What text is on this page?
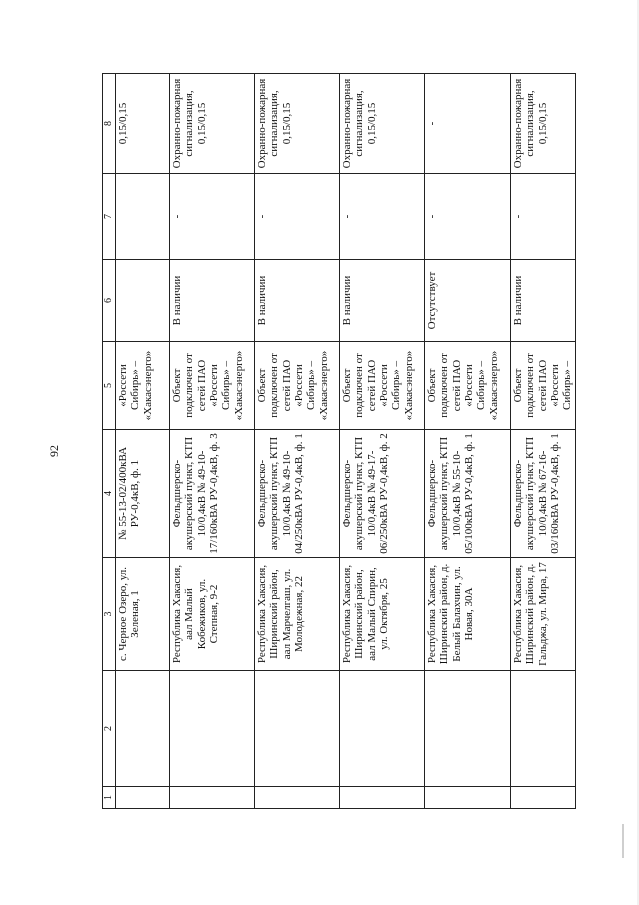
92
1	2	3	4	5	6	7	8
		с. Черное Озеро, ул. Зеленая, 1	№ 55-13-02/400кВА РУ-0,4кВ, ф. 1	«Россети Сибирь» – «Хакасэнерго»			0,15/0,15
		Республика Хакасия, аал Малый Кобежиков, ул. Степная, 9-2	Фельдшерско-акушерский пункт, КТП 10/0,4кВ № 49-10-17/160кВА РУ-0,4кВ, ф. 3	Объект подключен от сетей ПАО «Россети Сибирь» – «Хакасэнерго»	В наличии	-	Охранно-пожарная сигнализация, 0,15/0,15
		Республика Хакасия, Ширинский район, аал Марчелгаш, ул. Молодежная, 22	Фельдшерско-акушерский пункт, КТП 10/0,4кВ № 49-10-04/250кВА РУ-0,4кВ, ф. 1	Объект подключен от сетей ПАО «Россети Сибирь» – «Хакасэнерго»	В наличии	-	Охранно-пожарная сигнализация, 0,15/0,15
		Республика Хакасия, Ширинский район, аал Малый Спирин, ул. Октября, 25	Фельдшерско-акушерский пункт, КТП 10/0,4кВ № 49-17-06/250кВА РУ-0,4кВ, ф. 2	Объект подключен от сетей ПАО «Россети Сибирь» – «Хакасэнерго»	В наличии	-	Охранно-пожарная сигнализация, 0,15/0,15
		Республика Хакасия, Ширинский район, д. Белый Балахчин, ул. Новая, 30А	Фельдшерско-акушерский пункт, КТП 10/0,4кВ № 55-10-05/100кВА РУ-0,4кВ, ф. 1	Объект подключен от сетей ПАО «Россети Сибирь» – «Хакасэнерго»	Отсутствует	-	-
		Республика Хакасия, Ширинский район, д. Гальджа, ул. Мира, 17	Фельдшерско-акушерский пункт, КТП 10/0,4кВ № 67-16-03/160кВА РУ-0,4кВ, ф. 1	Объект подключен от сетей ПАО «Россети Сибирь» –	В наличии	-	Охранно-пожарная сигнализация, 0,15/0,15
